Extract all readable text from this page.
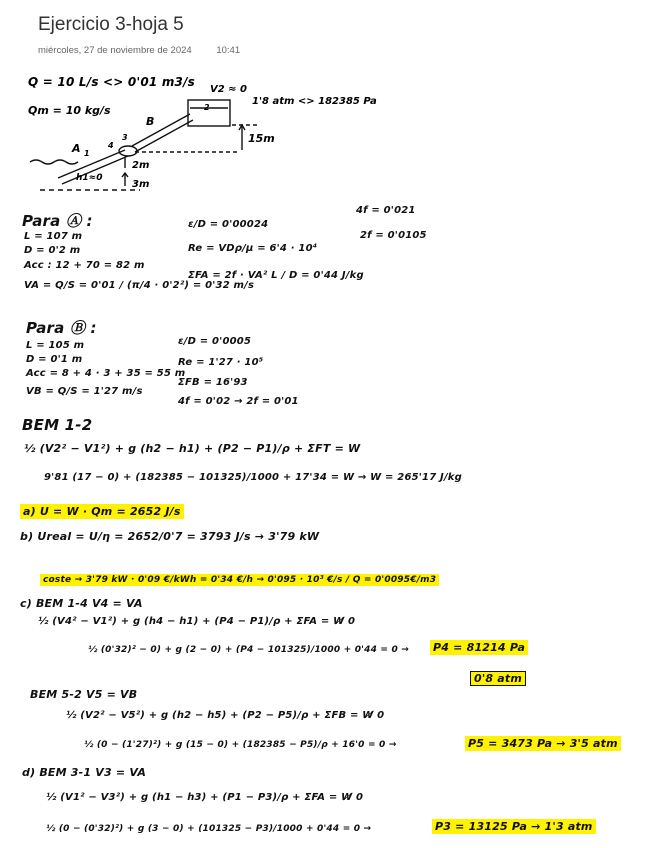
Ejercicio 3-hoja 5
miércoles, 27 de noviembre de 2024	10:41
Q = 10 L/s <> 0'01 m3/s
Qm = 10 kg/s
V2 ≈ 0
1'8 atm <> 182385 Pa
15m
B
A 1
2
3
4
2m
3m
h1≈0
Para Ⓐ :
L = 107 m
D = 0'2 m
Acc : 12 + 70 = 82 m
VA = Q/S = 0'01 / (π/4 · 0'2²) = 0'32 m/s
ε/D = 0'00024
Re = VDρ/μ = 6'4 · 10⁴
ΣFA = 2f · VA² L / D = 0'44 J/kg
4f = 0'021
2f = 0'0105
Para Ⓑ :
L = 105 m
D = 0'1 m
Acc = 8 + 4 · 3 + 35 = 55 m
VB = Q/S = 1'27 m/s
ε/D = 0'0005
Re = 1'27 · 10⁵
ΣFB = 16'93
4f = 0'02 → 2f = 0'01
BEM 1-2
½ (V2² − V1²) + g (h2 − h1) + (P2 − P1)/ρ + ΣFT = W
9'81 (17 − 0) + (182385 − 101325)/1000 + 17'34 = W → W = 265'17 J/kg
a) U = W · Qm = 2652 J/s
b) Ureal = U/η = 2652/0'7 = 3793 J/s → 3'79 kW
coste → 3'79 kW · 0'09 €/kWh = 0'34 €/h → 0'095 · 10³ €/s / Q = 0'0095€/m3
c) BEM 1-4 V4 = VA
½ (V4² − V1²) + g (h4 − h1) + (P4 − P1)/ρ + ΣFA = W̸ 0
½ (0'32)² − 0) + g (2 − 0) + (P4 − 101325)/1000 + 0'44 = 0 → P4 = 81214 Pa
0'8 atm
BEM 5-2 V5 = VB
½ (V2² − V5²) + g (h2 − h5) + (P2 − P5)/ρ + ΣFB = W̸ 0
½ (0 − (1'27)²) + g (15 − 0) + (182385 − P5)/ρ + 16'0 = 0 →	P5 = 3473 Pa → 3'5 atm
d) BEM 3-1 V3 = VA
½ (V1² − V3²) + g (h1 − h3) + (P1 − P3)/ρ + ΣFA = W̸ 0
½ (0 − (0'32)²) + g (3 − 0) + (101325 − P3)/1000 + 0'44 = 0 →	P3 = 13125 Pa → 1'3 atm
